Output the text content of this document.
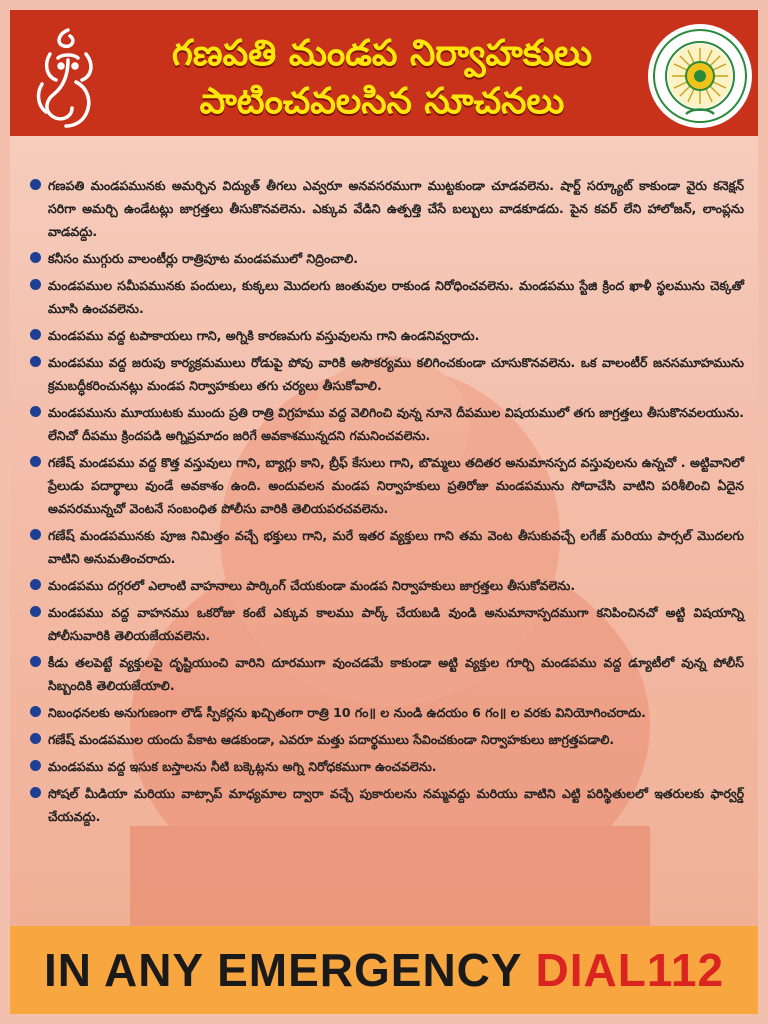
గణపతి మండప నిర్వాహకులు
పాటించవలసిన సూచనలు
గణపతి మండపమునకు అమర్చిన విద్యుత్ తీగలు ఎవ్వరూ అనవసరముగా ముట్టకుండా చూడవలెను. షార్ట్ సర్క్యూట్ కాకుండా వైరు కనెక్షన్ సరిగా అమర్చి ఉండేటట్లు జాగ్రత్తలు తీసుకొనవలెను. ఎక్కువ వేడిని ఉత్పత్తి చేసే బల్బులు వాడకూడదు. పైన కవర్ లేని హాలోజన్, లాంప్లను వాడవద్దు.
కనీసం ముగ్గురు వాలంటీర్లు రాత్రిపూట మండపములో నిద్రించాలి.
మండపముల సమీపమునకు పందులు, కుక్కలు మొదలగు జంతువుల రాకుండ నిరోధించవలెను. మండపము స్టేజి క్రింద ఖాళీ స్థలమును చెక్కతో మూసి ఉంచవలెను.
మండపము వద్ద టపాకాయలు గాని, అగ్నికి కారణమగు వస్తువులను గాని ఉండనివ్వరాదు.
మండపము వద్ద జరుపు కార్యక్రమములు రోడుపై పోవు వారికి అసౌకర్యము కలిగించకుండా చూసుకొనవలెను. ఒక వాలంటీర్ జనసమూహమును క్రమబద్ధీకరించునట్లు మండప నిర్వాహకులు తగు చర్యలు తీసుకోవాలి.
మండపమును మూయుటకు ముందు ప్రతి రాత్రి విగ్రహము వద్ద వెలిగించి వున్న నూనె దీపముల విషయములో తగు జాగ్రత్తలు తీసుకొనవలయును. లేనిచో దీపము క్రిందపడి అగ్నిప్రమాదం జరిగే అవకాశమున్నదని గమనించవలెను.
గణేష్ మండపము వద్ద కొత్త వస్తువులు గాని, బ్యాగ్లు కాని, బ్రీఫ్ కేసులు గాని, బొమ్మలు తదితర అనుమానస్పద వస్తువులను ఉన్నచో . అట్టివానిలో ప్రేలుడు పదార్థాలు వుండే అవకాశం ఉంది. అందువలన మండప నిర్వాహకులు ప్రతిరోజు మండపమును సోదాచేసి వాటిని పరిశీలించి ఏదైన అవసరమున్నచో వెంటనే సంబంధిత పోలీసు వారికి తెలియపరచవలెను.
గణేష్ మండపమునకు పూజ నిమిత్తం వచ్చే భక్తులు గాని, మరే ఇతర వ్యక్తులు గాని తమ వెంట తీసుకువచ్చే లగేజ్ మరియు పార్సల్ మొదలగు వాటిని అనుమతించరాదు.
మండపము దగ్గరలో ఎలాంటి వాహనాలు పార్కింగ్ చేయకుండా మండప నిర్వాహకులు జాగ్రత్తలు తీసుకోవలెను.
మండపము వద్ద వాహనము ఒకరోజు కంటే ఎక్కువ కాలము పార్క్ చేయబడి వుండి అనుమానాస్పదముగా కనిపించినచో అట్టి విషయాన్ని పోలీసువారికి తెలియజేయవలెను.
కీడు తలపెట్టే వ్యక్తులపై దృష్టియుంచి వారిని దూరముగా వుంచడమే కాకుండా అట్టి వ్యక్తుల గూర్చి మండపము వద్ద డ్యూటీలో వున్న పోలీస్ సిబ్బందికి తెలియజేయాలి.
నిబంధనలకు అనుగుణంగా లౌడ్ స్పీకర్లను ఖచ్చితంగా రాత్రి 10 గం॥ ల నుండి ఉదయం 6 గం॥ ల వరకు వినియోగించరాదు.
గణేష్ మండపముల యందు పేకాట ఆడకుండా, ఎవరూ మత్తు పదార్థములు సేవించకుండా నిర్వాహకులు జాగ్రత్తపడాలి.
మండపము వద్ద ఇసుక బస్తాలను నీటి బక్కెట్లను అగ్ని నిరోధకముగా ఉంచవలెను.
సోషల్ మీడియా మరియు వాట్సాప్ మాధ్యమాల ద్వారా వచ్చే పుకారులను నమ్మవద్దు మరియు వాటిని ఎట్టి పరిస్థితులలో ఇతరులకు ఫార్వర్డ్ చేయవద్దు.
IN ANY EMERGENCY DIAL112
